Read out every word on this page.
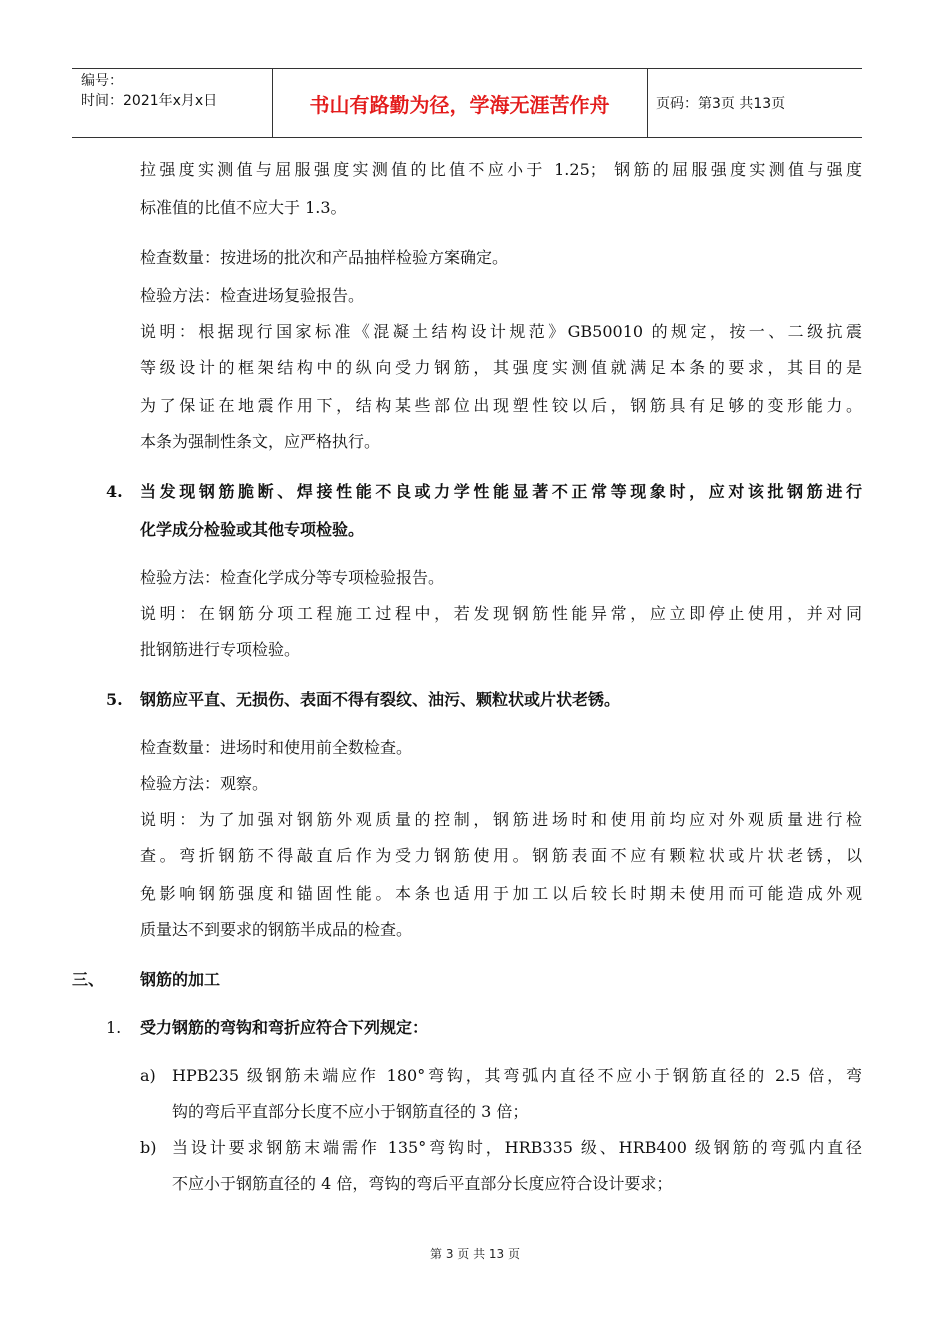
编号：
时间：2021年x月x日	书山有路勤为径，学海无涯苦作舟	页码：第3页 共13页
拉强度实测值与屈服强度实测值的比值不应小于 1.25； 钢筋的屈服强度实测值与强度
标准值的比值不应大于 1.3。
检查数量：按进场的批次和产品抽样检验方案确定。
检验方法：检查进场复验报告。
说明：根据现行国家标准《混凝土结构设计规范》GB50010 的规定，按一、二级抗震
等级设计的框架结构中的纵向受力钢筋，其强度实测值就满足本条的要求，其目的是
为了保证在地震作用下，结构某些部位出现塑性铰以后，钢筋具有足够的变形能力。
本条为强制性条文，应严格执行。
4. 当发现钢筋脆断、焊接性能不良或力学性能显著不正常等现象时，应对该批钢筋进行
化学成分检验或其他专项检验。
检验方法：检查化学成分等专项检验报告。
说明：在钢筋分项工程施工过程中，若发现钢筋性能异常，应立即停止使用，并对同
批钢筋进行专项检验。
5. 钢筋应平直、无损伤、表面不得有裂纹、油污、颗粒状或片状老锈。
检查数量：进场时和使用前全数检查。
检验方法：观察。
说明：为了加强对钢筋外观质量的控制，钢筋进场时和使用前均应对外观质量进行检
查。弯折钢筋不得敲直后作为受力钢筋使用。钢筋表面不应有颗粒状或片状老锈，以
免影响钢筋强度和锚固性能。本条也适用于加工以后较长时期未使用而可能造成外观
质量达不到要求的钢筋半成品的检查。
三、 钢筋的加工
1. 受力钢筋的弯钩和弯折应符合下列规定：
a) HPB235 级钢筋未端应作 180°弯钩，其弯弧内直径不应小于钢筋直径的 2.5 倍，弯
钩的弯后平直部分长度不应小于钢筋直径的 3 倍；
b) 当设计要求钢筋末端需作 135°弯钩时，HRB335 级、HRB400 级钢筋的弯弧内直径
不应小于钢筋直径的 4 倍，弯钩的弯后平直部分长度应符合设计要求；
第 3 页 共 13 页
